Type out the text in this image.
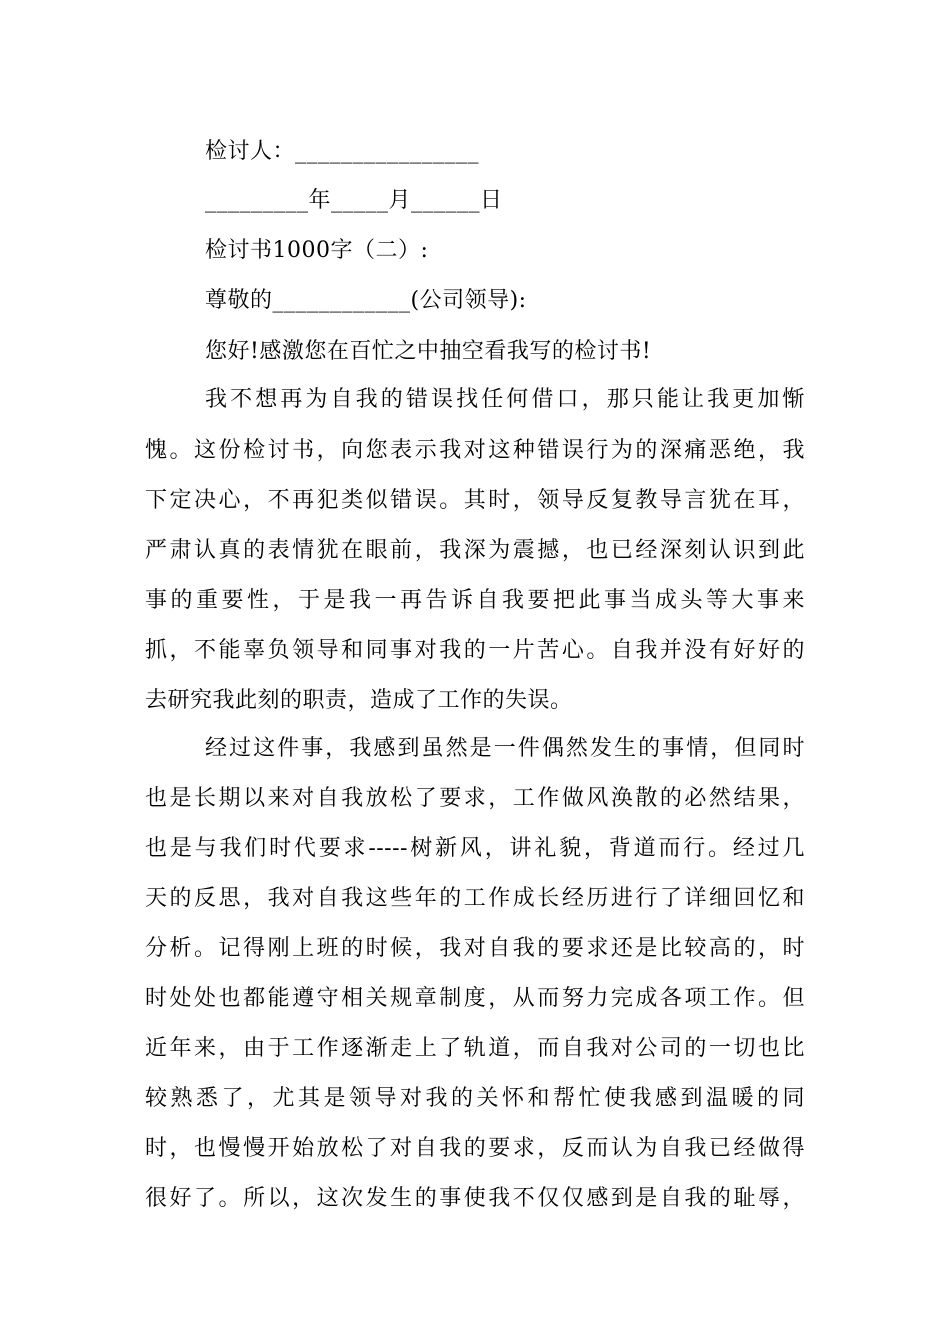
检讨人：________________
_________年_____月______日
检讨书1000字（二）:
尊敬的____________(公司领导):
您好!感激您在百忙之中抽空看我写的检讨书!
我不想再为自我的错误找任何借口，那只能让我更加惭
愧。这份检讨书，向您表示我对这种错误行为的深痛恶绝，我
下定决心，不再犯类似错误。其时，领导反复教导言犹在耳，
严肃认真的表情犹在眼前，我深为震撼，也已经深刻认识到此
事的重要性，于是我一再告诉自我要把此事当成头等大事来
抓，不能辜负领导和同事对我的一片苦心。自我并没有好好的
去研究我此刻的职责，造成了工作的失误。
经过这件事，我感到虽然是一件偶然发生的事情，但同时
也是长期以来对自我放松了要求，工作做风涣散的必然结果，
也是与我们时代要求-----树新风，讲礼貌，背道而行。经过几
天的反思，我对自我这些年的工作成长经历进行了详细回忆和
分析。记得刚上班的时候，我对自我的要求还是比较高的，时
时处处也都能遵守相关规章制度，从而努力完成各项工作。但
近年来，由于工作逐渐走上了轨道，而自我对公司的一切也比
较熟悉了，尤其是领导对我的关怀和帮忙使我感到温暖的同
时，也慢慢开始放松了对自我的要求，反而认为自我已经做得
很好了。所以，这次发生的事使我不仅仅感到是自我的耻辱，
